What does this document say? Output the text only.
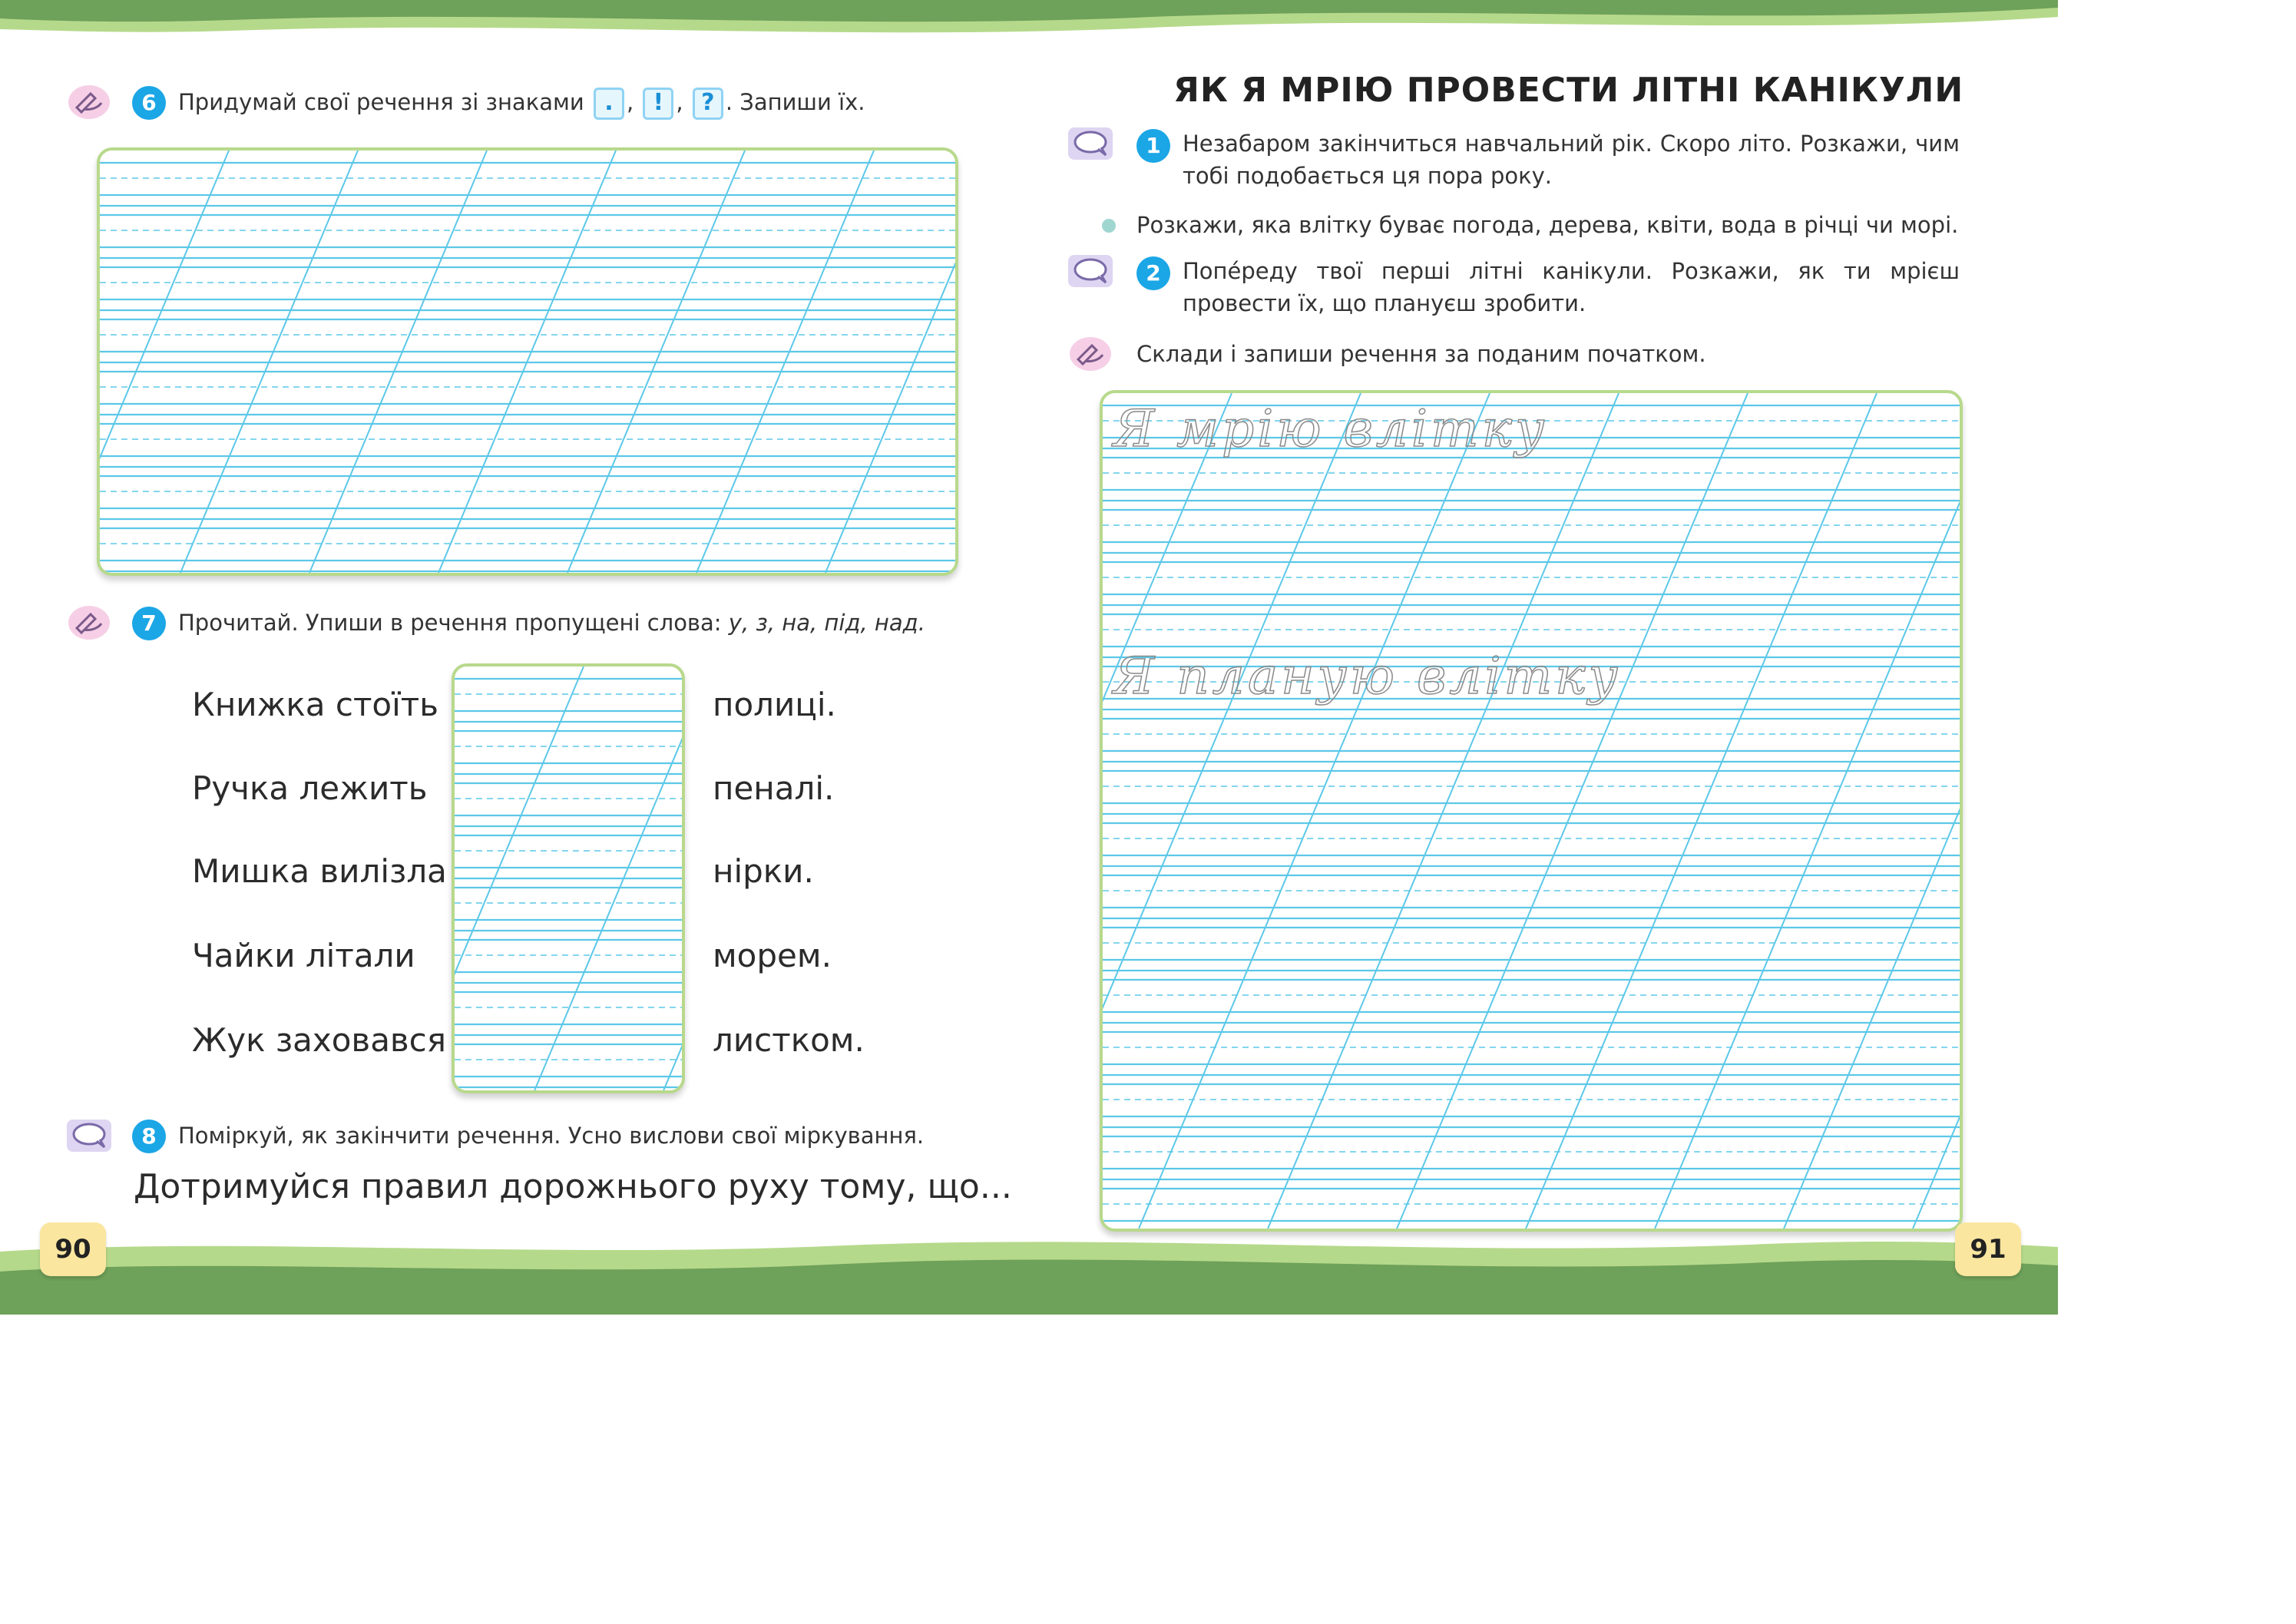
6 Придумай свої речення зі знаками . , ! , ? . Запиши їх.
7 Прочитай. Упиши в речення пропущені слова: у, з, на, під, над.
Книжка стоїть
Ручка лежить
Мишка вилізла
Чайки літали
Жук заховався
полиці.
пеналі.
нірки.
морем.
листком.
8 Поміркуй, як закінчити речення. Усно вислови свої міркування.
Дотримуйся правил дорожнього руху тому, що...
90
ЯК Я МРІЮ ПРОВЕСТИ ЛІТНІ КАНІКУЛИ
1 Незабаром закінчиться навчальний рік. Скоро літо. Розкажи, чим тобі подобається ця пора року.
Розкажи, яка влітку буває погода, дерева, квіти, вода в річці чи морі.
2 Попéреду твої перші літні канікули. Розкажи, як ти мрієш провести їх, що плануєш зробити.
Склади і запиши речення за поданим початком.
Я мрію влітку
Я планую влітку
91
